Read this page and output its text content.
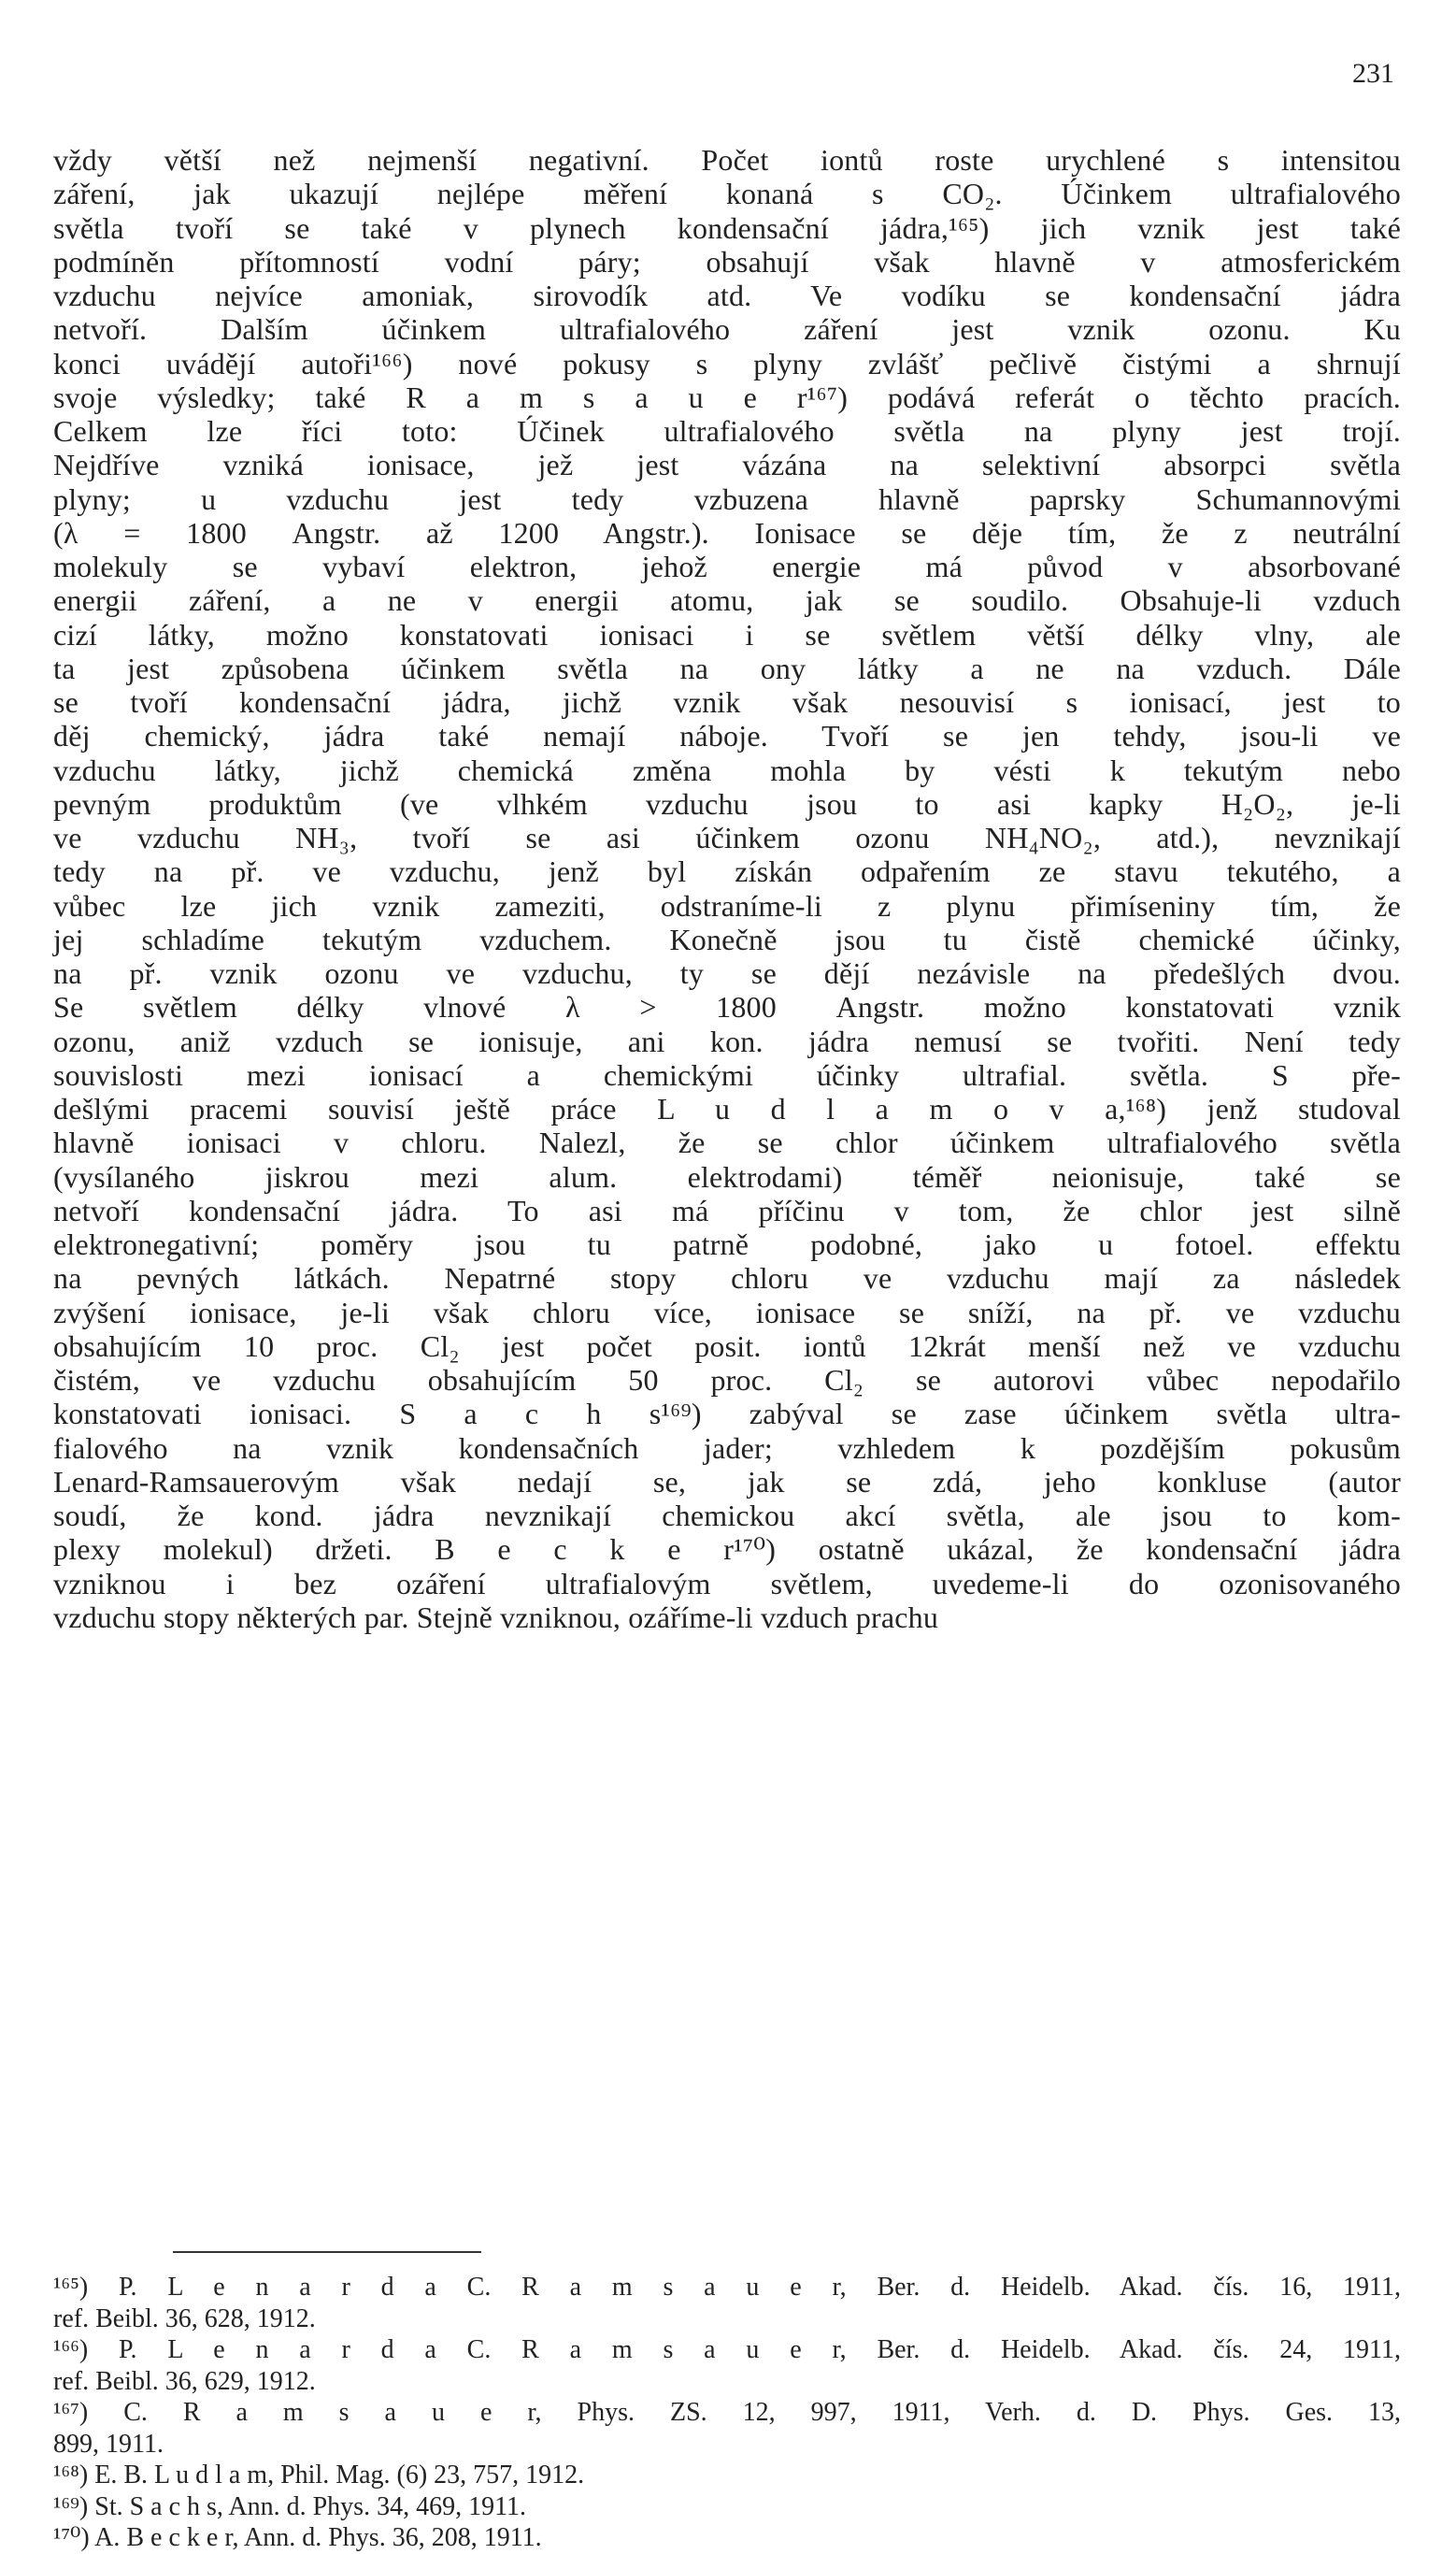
231
vždy větší než nejmenší negativní. Počet iontů roste urychlené s intensitou
záření, jak ukazují nejlépe měření konaná s CO₂. Účinkem ultrafialového
světla tvoří se také v plynech kondensační jádra,¹⁶⁵) jich vznik jest také
podmíněn přítomností vodní páry; obsahují však hlavně v atmosferickém
vzduchu nejvíce amoniak, sirovodík atd. Ve vodíku se kondensační jádra
netvoří. Dalším účinkem ultrafialového záření jest vznik ozonu. Ku
konci uvádějí autoři¹⁶⁶) nové pokusy s plyny zvlášť pečlivě čistými a shrnují
svoje výsledky; také R a m s a u e r¹⁶⁷) podává referát o těchto pracích.
Celkem lze říci toto: Účinek ultrafialového světla na plyny jest trojí.
Nejdříve vzniká ionisace, jež jest vázána na selektivní absorpci světla
plyny; u vzduchu jest tedy vzbuzena hlavně paprsky Schumannovými
(λ = 1800 Angstr. až 1200 Angstr.). Ionisace se děje tím, že z neutrální
molekuly se vybaví elektron, jehož energie má původ v absorbované
energii záření, a ne v energii atomu, jak se soudilo. Obsahuje-li vzduch
cizí látky, možno konstatovati ionisaci i se světlem větší délky vlny, ale
ta jest způsobena účinkem světla na ony látky a ne na vzduch. Dále
se tvoří kondensační jádra, jichž vznik však nesouvisí s ionisací, jest to
děj chemický, jádra také nemají náboje. Tvoří se jen tehdy, jsou-li ve
vzduchu látky, jichž chemická změna mohla by vésti k tekutým nebo
pevným produktům (ve vlhkém vzduchu jsou to asi kapky H₂O₂, je-li
ve vzduchu NH₃, tvoří se asi účinkem ozonu NH₄NO₂, atd.), nevznikají
tedy na př. ve vzduchu, jenž byl získán odpařením ze stavu tekutého, a
vůbec lze jich vznik zameziti, odstraníme-li z plynu přimíseniny tím, že
jej schladíme tekutým vzduchem. Konečně jsou tu čistě chemické účinky,
na př. vznik ozonu ve vzduchu, ty se dějí nezávisle na předešlých dvou.
Se světlem délky vlnové λ > 1800 Angstr. možno konstatovati vznik
ozonu, aniž vzduch se ionisuje, ani kon. jádra nemusí se tvořiti. Není tedy
souvislosti mezi ionisací a chemickými účinky ultrafial. světla. S pře-
dešlými pracemi souvisí ještě práce L u d l a m o v a,¹⁶⁸) jenž studoval
hlavně ionisaci v chloru. Nalezl, že se chlor účinkem ultrafialového světla
(vysílaného jiskrou mezi alum. elektrodami) téměř neionisuje, také se
netvoří kondensační jádra. To asi má příčinu v tom, že chlor jest silně
elektronegativní; poměry jsou tu patrně podobné, jako u fotoel. effektu
na pevných látkách. Nepatrné stopy chloru ve vzduchu mají za následek
zvýšení ionisace, je-li však chloru více, ionisace se sníží, na př. ve vzduchu
obsahujícím 10 proc. Cl₂ jest počet posit. iontů 12krát menší než ve vzduchu
čistém, ve vzduchu obsahujícím 50 proc. Cl₂ se autorovi vůbec nepodařilo
konstatovati ionisaci. S a c h s¹⁶⁹) zabýval se zase účinkem světla ultra-
fialového na vznik kondensačních jader; vzhledem k pozdějším pokusům
Lenard-Ramsauerovým však nedají se, jak se zdá, jeho konkluse (autor
soudí, že kond. jádra nevznikají chemickou akcí světla, ale jsou to kom-
plexy molekul) držeti. B e c k e r¹⁷⁰) ostatně ukázal, že kondensační jádra
vzniknou i bez ozáření ultrafialovým světlem, uvedeme-li do ozonisovaného
vzduchu stopy některých par. Stejně vzniknou, ozáříme-li vzduch prachu
¹⁶⁵) P. L e n a r d a C. R a m s a u e r, Ber. d. Heidelb. Akad. čís. 16, 1911,
ref. Beibl. 36, 628, 1912.
¹⁶⁶) P. L e n a r d a C. R a m s a u e r, Ber. d. Heidelb. Akad. čís. 24, 1911,
ref. Beibl. 36, 629, 1912.
¹⁶⁷) C. R a m s a u e r, Phys. ZS. 12, 997, 1911, Verh. d. D. Phys. Ges. 13,
899, 1911.
¹⁶⁸) E. B. L u d l a m, Phil. Mag. (6) 23, 757, 1912.
¹⁶⁹) St. S a c h s, Ann. d. Phys. 34, 469, 1911.
¹⁷⁰) A. B e c k e r, Ann. d. Phys. 36, 208, 1911.
